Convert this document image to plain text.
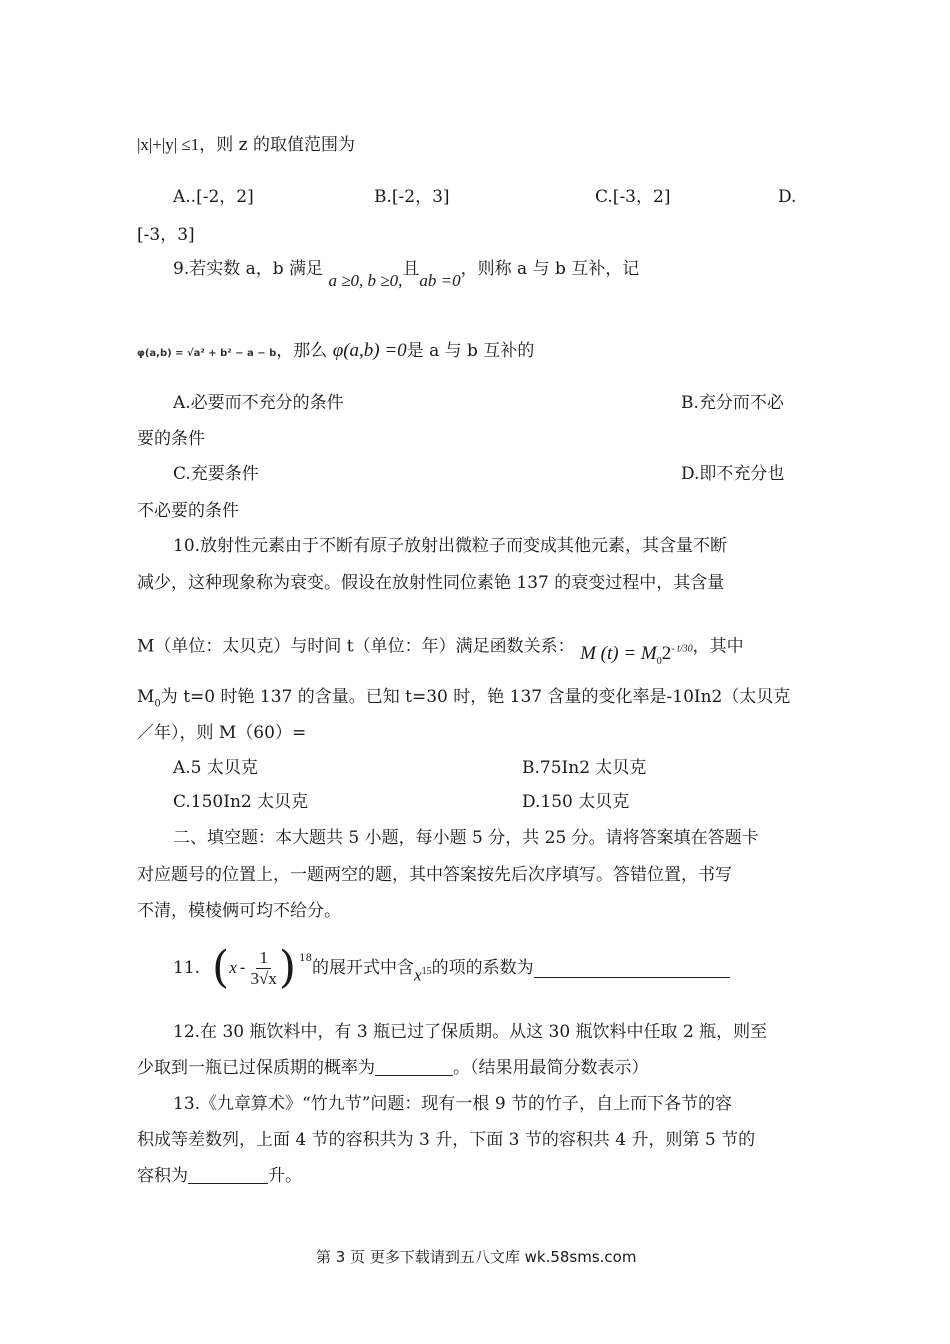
|x|+|y| ≤1，则 z 的取值范围为
A..[-2，2]	B.[-2，3]	C.[-3，2]	D.
[-3，3]
9.若实数 a，b 满足 a ≥0, b ≥0,且ab =0，则称 a 与 b 互补，记
φ(a,b) = √a² + b² − a − b，那么 φ(a,b) =0是 a 与 b 互补的
A.必要而不充分的条件	B.充分而不必
要的条件
C.充要条件	D.即不充分也
不必要的条件
10.放射性元素由于不断有原子放射出微粒子而变成其他元素，其含量不断
减少，这种现象称为衰变。假设在放射性同位素铯 137 的衰变过程中，其含量
M（单位：太贝克）与时间 t（单位：年）满足函数关系： M $(t) = M_02^{- t/30}$，其中
$M_0$为 t=0 时铯 137 的含量。已知 t=30 时，铯 137 含量的变化率是-10In2（太贝克
／年），则 M（60）=
A.5 太贝克	B.75In2 太贝克
C.150In2 太贝克	D.150 太贝克
二、填空题：本大题共 5 小题，每小题 5 分，共 25 分。请将答案填在答题卡
对应题号的位置上，一题两空的题，其中答案按先后次序填写。答错位置，书写
不清，模棱俩可均不给分。
11. ( x - $\frac{1}{3√x}$ ) 18 的展开式中含 $x^{15}$ 的项的系数为
12.在 30 瓶饮料中，有 3 瓶已过了保质期。从这 30 瓶饮料中任取 2 瓶，则至
少取到一瓶已过保质期的概率为	。（结果用最简分数表示）
13.《九章算术》“竹九节”问题：现有一根 9 节的竹子，自上而下各节的容
积成等差数列，上面 4 节的容积共为 3 升，下面 3 节的容积共 4 升，则第 5 节的
容积为	升。
第 3 页 更多下载请到五八文库 wk.58sms.com
